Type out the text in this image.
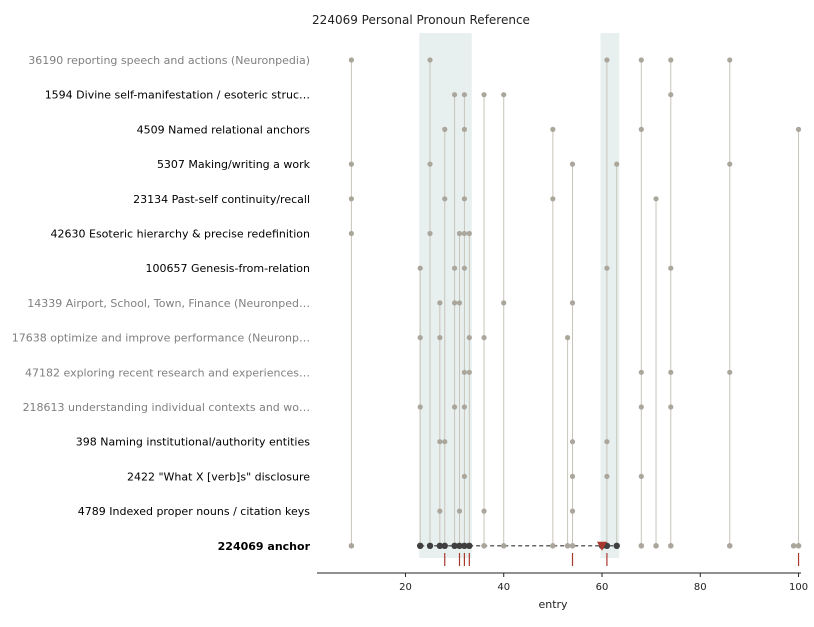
36190 reporting speech and actions (Neuronpedia)
1594 Divine self-manifestation / esoteric struc…
4509 Named relational anchors
5307 Making/writing a work
23134 Past-self continuity/recall
42630 Esoteric hierarchy & precise redefinition
100657 Genesis-from-relation
14339 Airport, School, Town, Finance (Neuronped…
17638 optimize and improve performance (Neuronp…
47182 exploring recent research and experiences…
218613 understanding individual contexts and wo…
398 Naming institutional/authority entities
2422 "What X [verb]s" disclosure
4789 Indexed proper nouns / citation keys
224069 anchor
20	40	60	80	100
224069 Personal Pronoun Reference
entry
